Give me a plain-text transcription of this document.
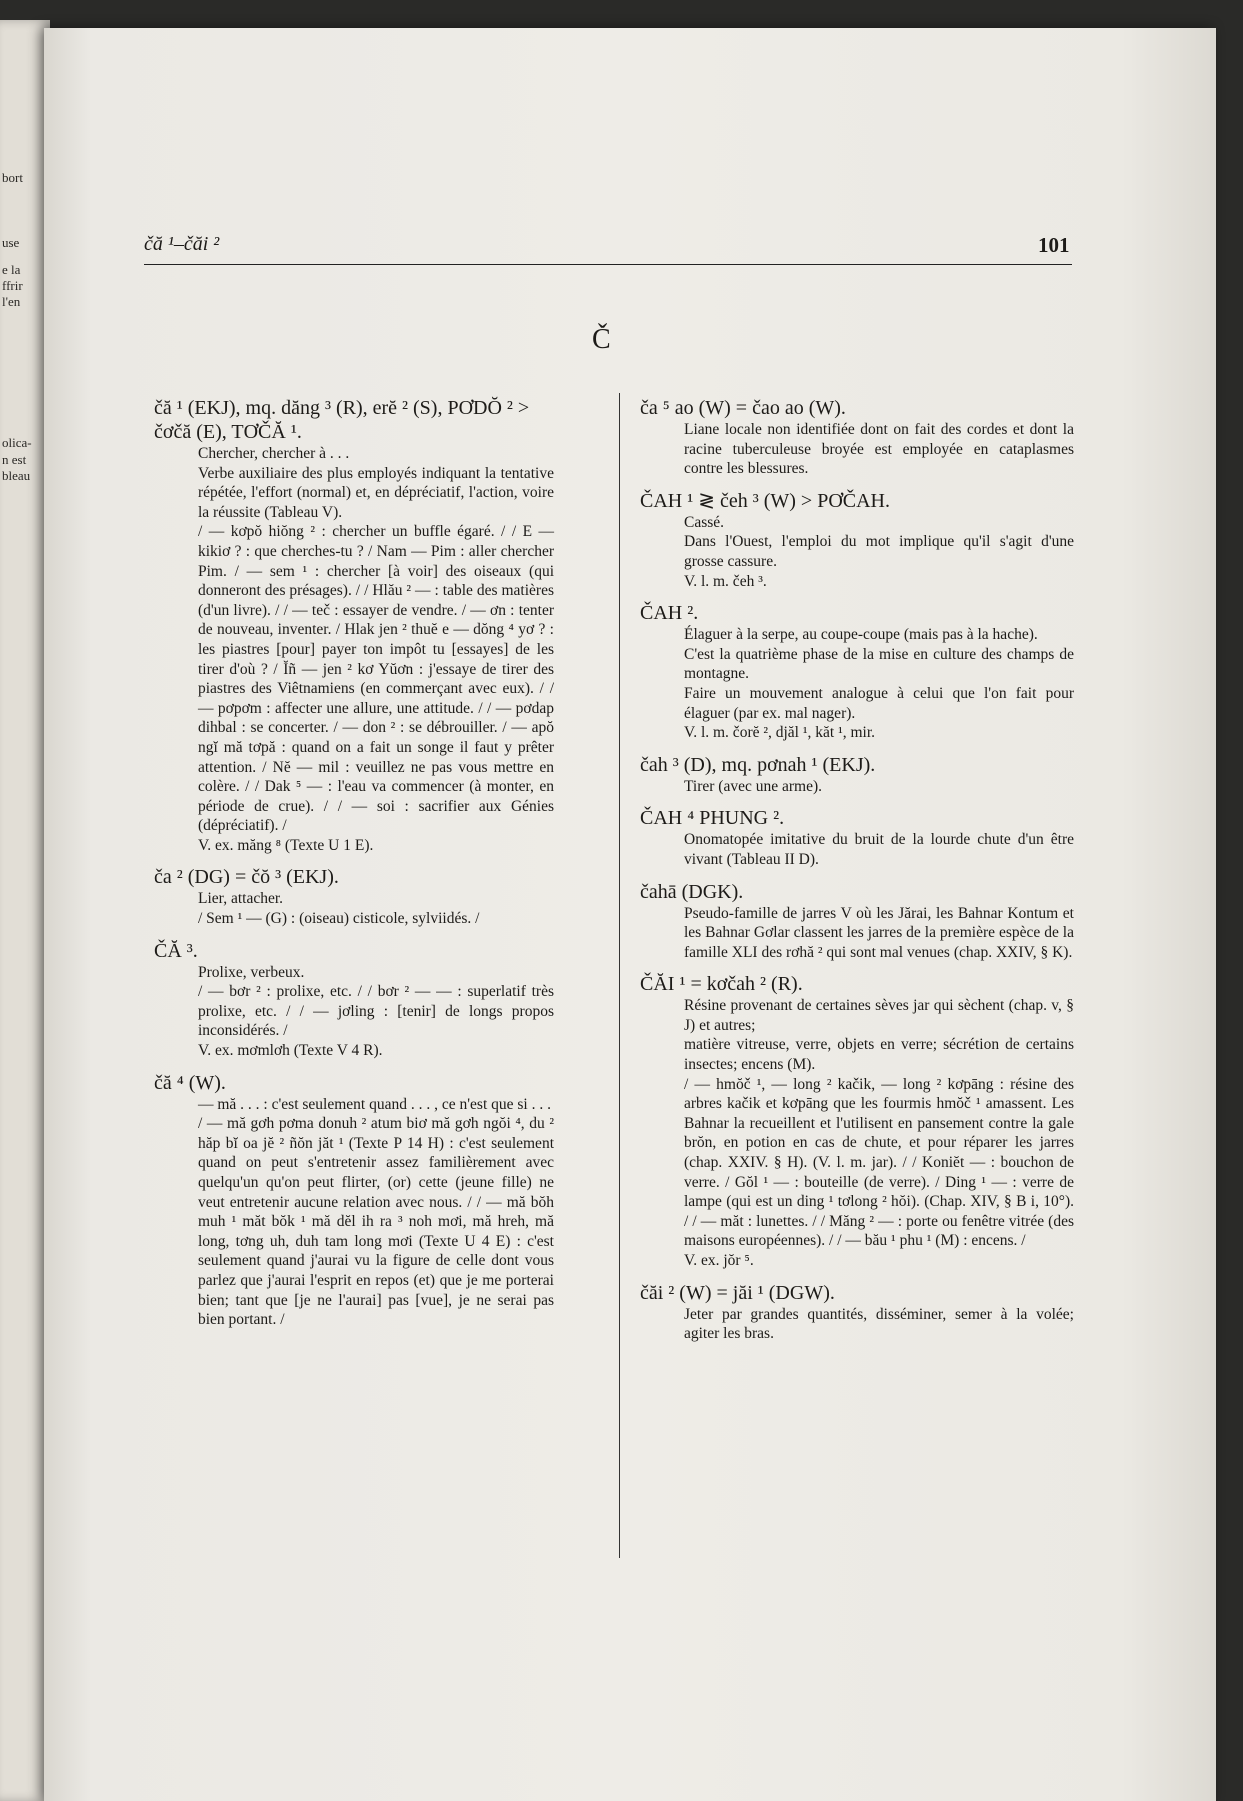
bort
use
e la
ffrir
l'en
olica-
n est
bleau
čă ¹–čăi ²	101
Č
čă ¹ (EKJ), mq. dăng ³ (R), erĕ ² (S), PƠDŎ ² > čơčă (E), TƠČĂ ¹.

Chercher, chercher à . . .

Verbe auxiliaire des plus employés indiquant la tentative répétée, l'effort (normal) et, en dépréciatif, l'action, voire la réussite (Tableau V).

/ — kơpŏ hiŏng ² : chercher un buffle égaré. / / E — kikiơ ? : que cherches-tu ? / Nam — Pim : aller chercher Pim. / — sem ¹ : chercher [à voir] des oiseaux (qui donneront des présages). / / Hlău ² — : table des matières (d'un livre). / / — teč : essayer de vendre. / — ơn : tenter de nouveau, inventer. / Hlak jen ² thuĕ e — dŏng ⁴ yơ ? : les piastres [pour] payer ton impôt tu [essayes] de les tirer d'où ? / Ĭñ — jen ² kơ Yŭơn : j'essaye de tirer des piastres des Viêtnamiens (en commerçant avec eux). / / — pơpơm : affecter une allure, une attitude. / / — pơdap dihbal : se concerter. / — don ² : se débrouiller. / — apŏ ngĭ mă tơpă : quand on a fait un songe il faut y prêter attention. / Nĕ — mil : veuillez ne pas vous mettre en colère. / / Dak ⁵ — : l'eau va commencer (à monter, en période de crue). / / — soi : sacrifier aux Génies (dépréciatif). /

V. ex. măng ⁸ (Texte U 1 E).

ča ² (DG) = čŏ ³ (EKJ).

Lier, attacher.

/ Sem ¹ — (G) : (oiseau) cisticole, sylviidés. /

ČĂ ³.

Prolixe, verbeux.

/ — bơr ² : prolixe, etc. / / bơr ² — — : superlatif très prolixe, etc. / / — jơling : [tenir] de longs propos inconsidérés. /

V. ex. mơmlơh (Texte V 4 R).

čă ⁴ (W).

— mă . . . : c'est seulement quand . . . , ce n'est que si . . .

/ — mă gơh pơma donuh ² atum biơ mă gơh ngŏi ⁴, du ² hăp bĭ oa jĕ ² ñŏn jăt ¹ (Texte P 14 H) : c'est seulement quand on peut s'entretenir assez familièrement avec quelqu'un qu'on peut flirter, (or) cette (jeune fille) ne veut entretenir aucune relation avec nous. / / — mă bŏh muh ¹ măt bŏk ¹ mă dĕl ih ra ³ noh mơi, mă hreh, mă long, tơng uh, duh tam long mơi (Texte U 4 E) : c'est seulement quand j'aurai vu la figure de celle dont vous parlez que j'aurai l'esprit en repos (et) que je me porterai bien; tant que [je ne l'aurai] pas [vue], je ne serai pas bien portant. /

ča ⁵ ao (W) = čao ao (W).

Liane locale non identifiée dont on fait des cordes et dont la racine tuberculeuse broyée est employée en cataplasmes contre les blessures.

ČAH ¹ ≷ čeh ³ (W) > PƠČAH.

Cassé.

Dans l'Ouest, l'emploi du mot implique qu'il s'agit d'une grosse cassure.

V. l. m. čeh ³.

ČAH ².

Élaguer à la serpe, au coupe-coupe (mais pas à la hache).

C'est la quatrième phase de la mise en culture des champs de montagne.

Faire un mouvement analogue à celui que l'on fait pour élaguer (par ex. mal nager).

V. l. m. čorĕ ², djăl ¹, kăt ¹, mir.

čah ³ (D), mq. pơnah ¹ (EKJ).

Tirer (avec une arme).

ČAH ⁴ PHUNG ².

Onomatopée imitative du bruit de la lourde chute d'un être vivant (Tableau II D).

čahā (DGK).

Pseudo-famille de jarres V où les Jărai, les Bahnar Kontum et les Bahnar Gơlar classent les jarres de la première espèce de la famille XLI des rơhă ² qui sont mal venues (chap. XXIV, § K).

ČĂI ¹ = kơčah ² (R).

Résine provenant de certaines sèves jar qui sèchent (chap. v, § J) et autres;

matière vitreuse, verre, objets en verre; sécrétion de certains insectes; encens (M).

/ — hmŏč ¹, — long ² kačik, — long ² kơpāng : résine des arbres kačik et kơpāng que les fourmis hmŏč ¹ amassent. Les Bahnar la recueillent et l'utilisent en pansement contre la gale brŏn, en potion en cas de chute, et pour réparer les jarres (chap. XXIV. § H). (V. l. m. jar). / / Koniĕt — : bouchon de verre. / Gŏl ¹ — : bouteille (de verre). / Ding ¹ — : verre de lampe (qui est un ding ¹ tơlong ² hŏi). (Chap. XIV, § B i, 10°). / / — măt : lunettes. / / Măng ² — : porte ou fenêtre vitrée (des maisons européennes). / / — bău ¹ phu ¹ (M) : encens. /

V. ex. jŏr ⁵.

čăi ² (W) = jăi ¹ (DGW).

Jeter par grandes quantités, disséminer, semer à la volée; agiter les bras.
